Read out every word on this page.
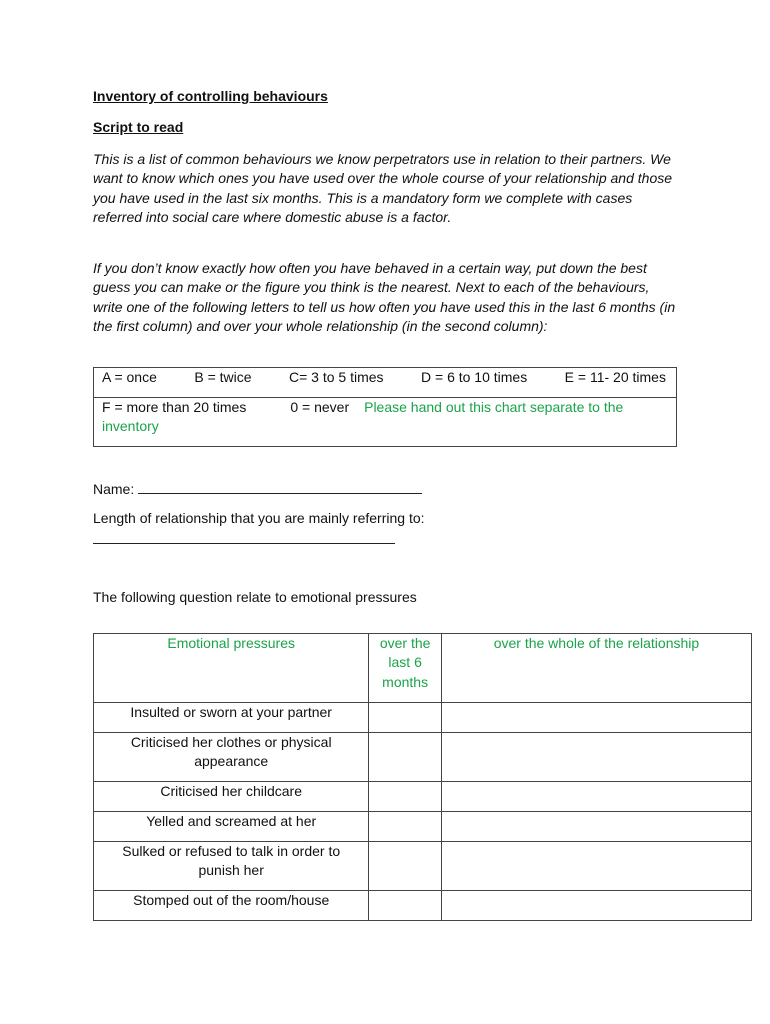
Inventory of controlling behaviours

Script to read

This is a list of common behaviours we know perpetrators use in relation to their partners. We want to know which ones you have used over the whole course of your relationship and those you have used in the last six months. This is a mandatory form we complete with cases referred into social care where domestic abuse is a factor.

If you don’t know exactly how often you have behaved in a certain way, put down the best guess you can make or the figure you think is the nearest. Next to each of the behaviours, write one of the following letters to tell us how often you have used this in the last 6 months (in the first column) and over your whole relationship (in the second column):

A = once	B = twice	C= 3 to 5 times	D = 6 to 10 times	E = 11- 20 times

F = more than 20 times	0 = never Please hand out this chart separate to the inventory

Name:

Length of relationship that you are mainly referring to:

The following question relate to emotional pressures

Emotional pressures	over the last 6 months	over the whole of the relationship
Insulted or sworn at your partner		
Criticised her clothes or physical appearance		
Criticised her childcare		
Yelled and screamed at her		
Sulked or refused to talk in order to punish her		
Stomped out of the room/house		
